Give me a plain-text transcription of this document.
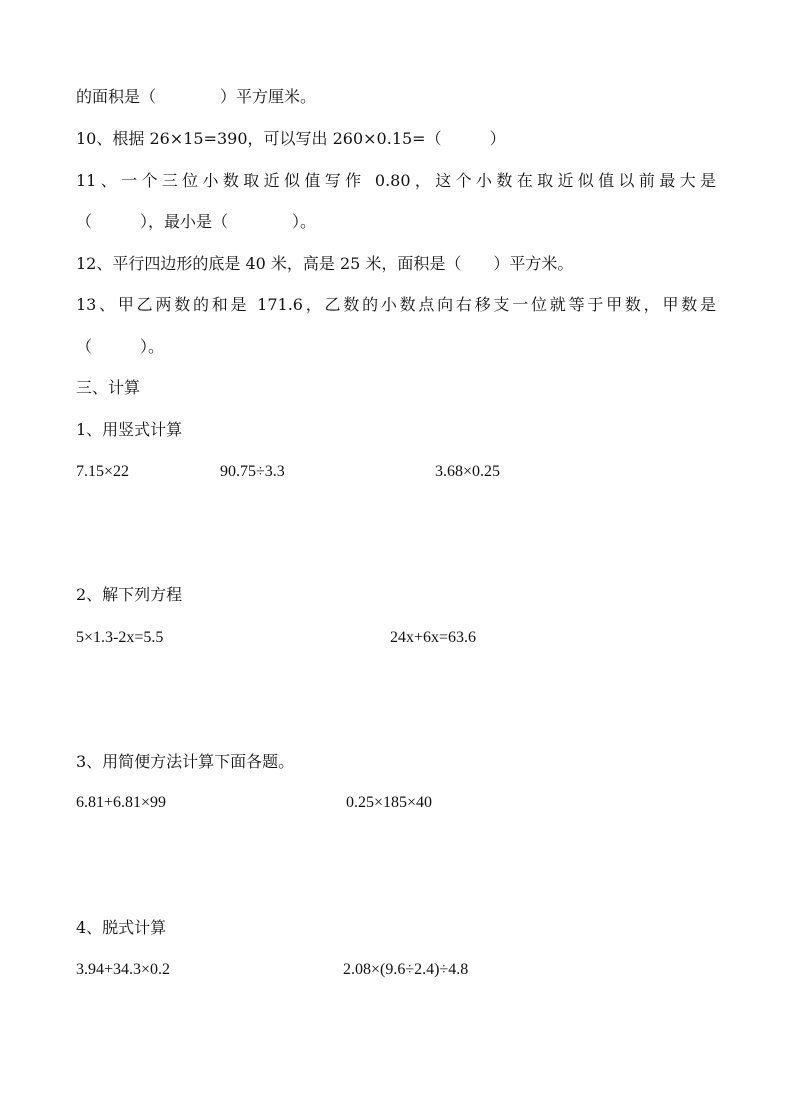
的面积是（　　　　）平方厘米。
10、根据 26×15=390，可以写出 260×0.15=（　　　）
11、一个三位小数取近似值写作 0.80，这个小数在取近似值以前最大是
（　　　），最小是（　　　　）。
12、平行四边形的底是 40 米，高是 25 米，面积是（　　）平方米。
13、甲乙两数的和是 171.6，乙数的小数点向右移支一位就等于甲数，甲数是
（　　　）。
三、计算
1、用竖式计算
7.15×22	90.75÷3.3	3.68×0.25
2、解下列方程
5×1.3-2x=5.5	24x+6x=63.6
3、用简便方法计算下面各题。
6.81+6.81×99	0.25×185×40
4、脱式计算
3.94+34.3×0.2	2.08×(9.6÷2.4)÷4.8
